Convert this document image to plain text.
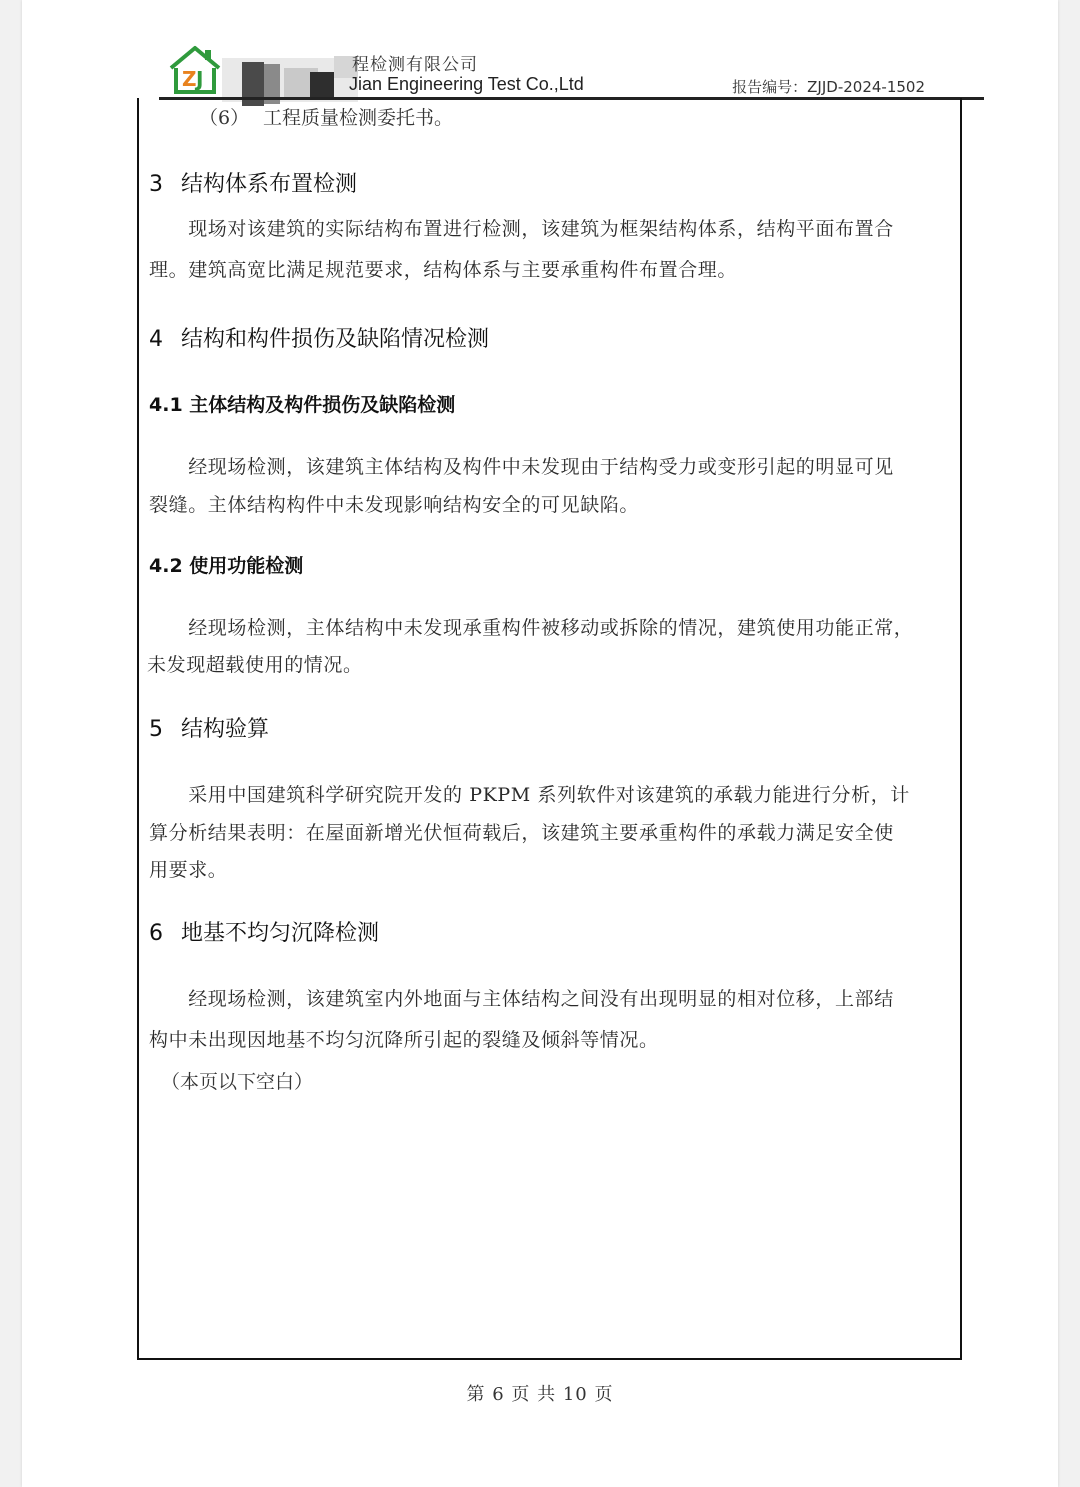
Z J
程检测有限公司
Jian Engineering Test Co.,Ltd	报告编号：ZJJD-2024-1502
（6） 工程质量检测委托书。
3 结构体系布置检测
　　现场对该建筑的实际结构布置进行检测，该建筑为框架结构体系，结构平面布置合
理。建筑高宽比满足规范要求，结构体系与主要承重构件布置合理。
4 结构和构件损伤及缺陷情况检测
4.1 主体结构及构件损伤及缺陷检测
　　经现场检测，该建筑主体结构及构件中未发现由于结构受力或变形引起的明显可见
裂缝。主体结构构件中未发现影响结构安全的可见缺陷。
4.2 使用功能检测
　　经现场检测，主体结构中未发现承重构件被移动或拆除的情况，建筑使用功能正常，
未发现超载使用的情况。
5 结构验算
　　采用中国建筑科学研究院开发的 PKPM 系列软件对该建筑的承载力能进行分析，计
算分析结果表明：在屋面新增光伏恒荷载后，该建筑主要承重构件的承载力满足安全使
用要求。
6 地基不均匀沉降检测
　　经现场检测，该建筑室内外地面与主体结构之间没有出现明显的相对位移，上部结
构中未出现因地基不均匀沉降所引起的裂缝及倾斜等情况。
（本页以下空白）
第 6 页 共 10 页
